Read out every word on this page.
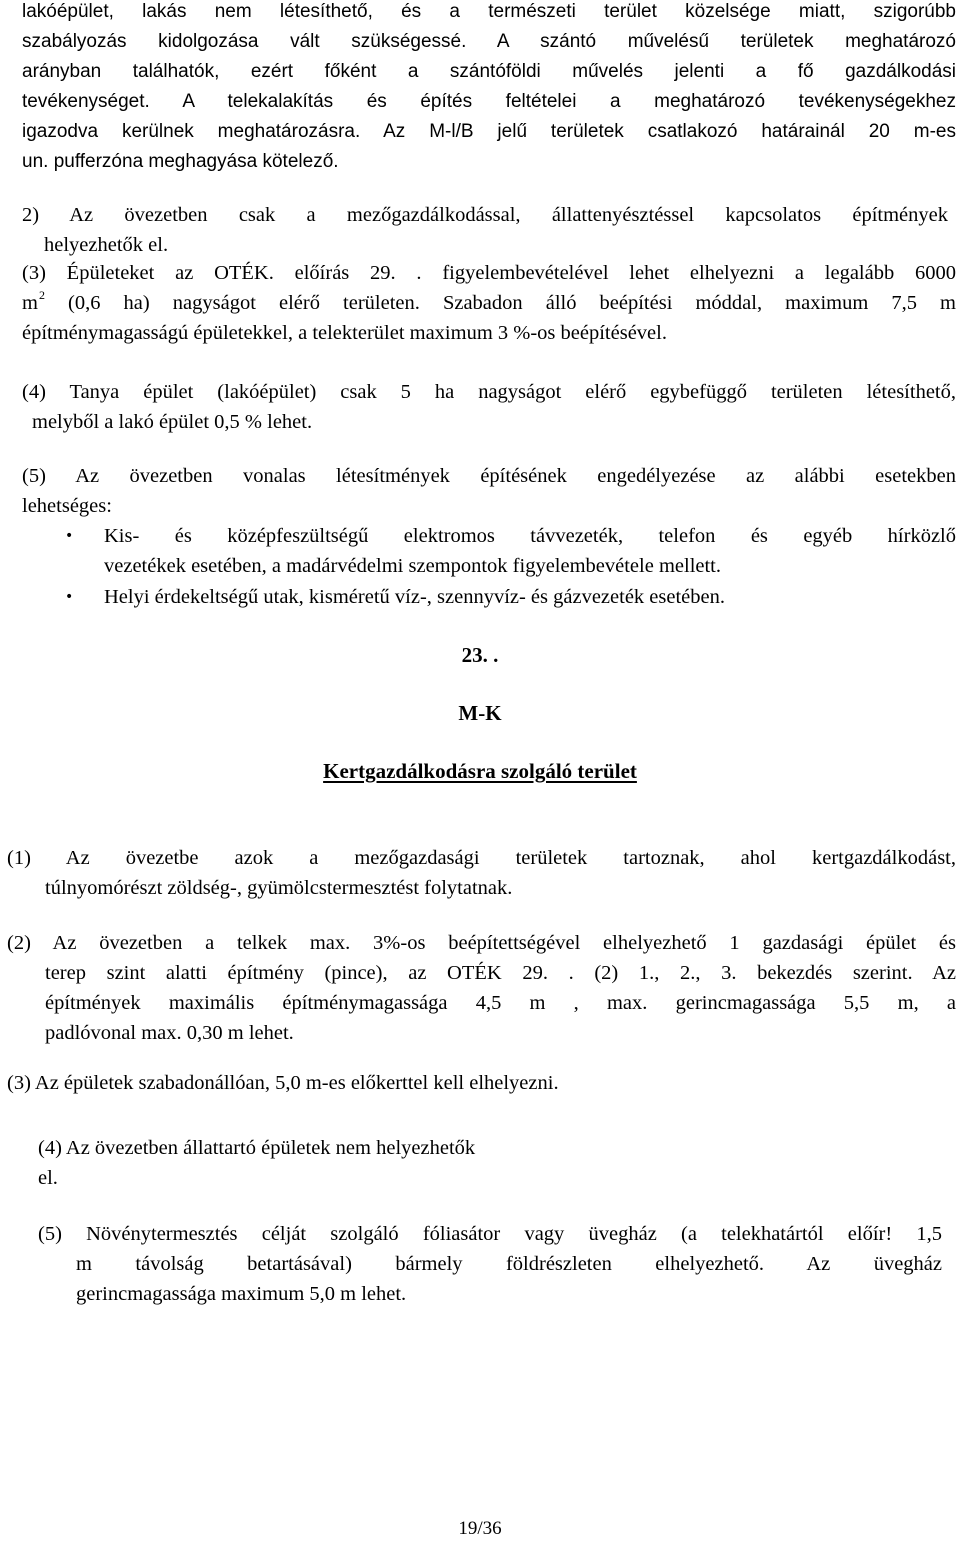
lakóépület, lakás nem létesíthető, és a természeti terület közelsége miatt, szigorúbb
szabályozás kidolgozása vált szükségessé. A szántó művelésű területek meghatározó
arányban találhatók, ezért főként a szántóföldi művelés jelenti a fő gazdálkodási
tevékenységet. A telekalakítás és építés feltételei a meghatározó tevékenységekhez
igazodva kerülnek meghatározásra. Az M-l/B jelű területek csatlakozó határainál 20 m-es
un. pufferzóna meghagyása kötelező.
2) Az övezetben csak a mezőgazdálkodással, állattenyésztéssel kapcsolatos építmények
helyezhetők el.
(3) Épületeket az OTÉK. előírás 29. . figyelembevételével lehet elhelyezni a legalább 6000
$m^2$ (0,6 ha) nagyságot elérő területen. Szabadon álló beépítési móddal, maximum 7,5 m
építménymagasságú épületekkel, a telekterület maximum 3 %-os beépítésével.
(4) Tanya épület (lakóépület) csak 5 ha nagyságot elérő egybefüggő területen létesíthető,
melyből a lakó épület 0,5 % lehet.
(5) Az övezetben vonalas létesítmények építésének engedélyezése az alábbi esetekben
lehetséges:
• Kis- és középfeszültségű elektromos távvezeték, telefon és egyéb hírközlő
vezetékek esetében, a madárvédelmi szempontok figyelembevétele mellett.
• Helyi érdekeltségű utak, kisméretű víz-, szennyvíz- és gázvezeték esetében.
23. .
M-K
Kertgazdálkodásra szolgáló terület
(1) Az övezetbe azok a mezőgazdasági területek tartoznak, ahol kertgazdálkodást,
túlnyomórészt zöldség-, gyümölcstermesztést folytatnak.
(2) Az övezetben a telkek max. 3%-os beépítettségével elhelyezhető 1 gazdasági épület és
terep szint alatti építmény (pince), az OTÉK 29. . (2) 1., 2., 3. bekezdés szerint. Az
építmények maximális építménymagassága 4,5 m , max. gerincmagassága 5,5 m, a
padlóvonal max. 0,30 m lehet.
(3) Az épületek szabadonállóan, 5,0 m-es előkerttel kell elhelyezni.
(4) Az övezetben állattartó épületek nem helyezhetők
el.
(5) Növénytermesztés célját szolgáló fóliasátor vagy üvegház (a telekhatártól előír! 1,5
m távolság betartásával) bármely földrészleten elhelyezhető. Az üvegház
gerincmagassága maximum 5,0 m lehet.
19/36
